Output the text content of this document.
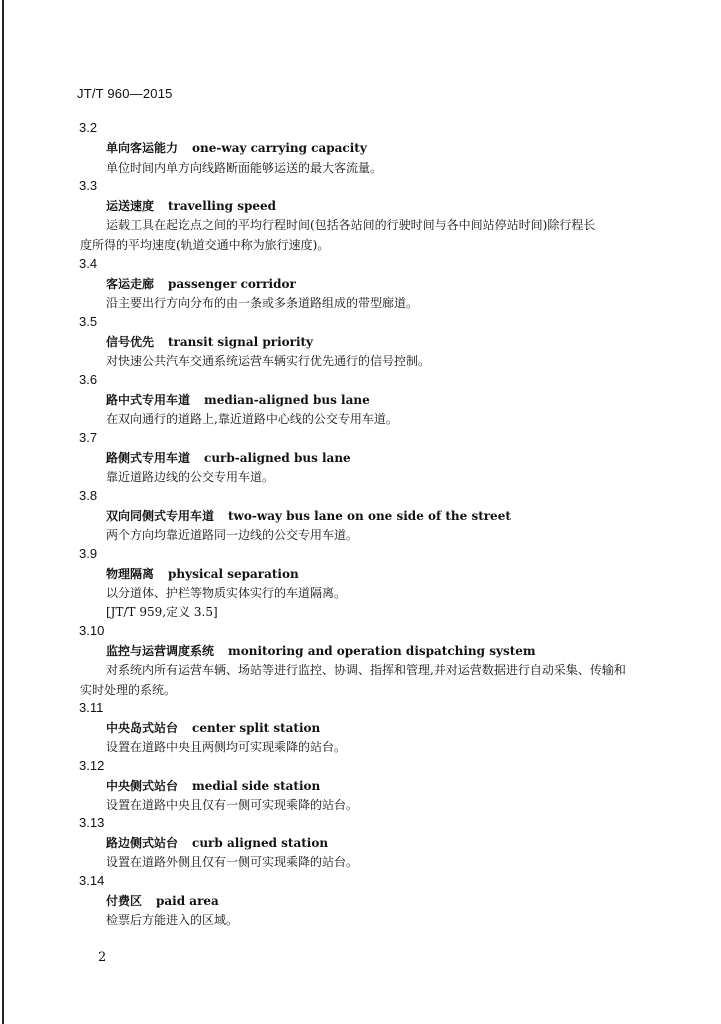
JT/T 960—2015
3.2
单向客运能力 one-way carrying capacity
单位时间内单方向线路断面能够运送的最大客流量。
3.3
运送速度 travelling speed
运载工具在起讫点之间的平均行程时间(包括各站间的行驶时间与各中间站停站时间)除行程长
度所得的平均速度(轨道交通中称为旅行速度)。
3.4
客运走廊 passenger corridor
沿主要出行方向分布的由一条或多条道路组成的带型廊道。
3.5
信号优先 transit signal priority
对快速公共汽车交通系统运营车辆实行优先通行的信号控制。
3.6
路中式专用车道 median-aligned bus lane
在双向通行的道路上,靠近道路中心线的公交专用车道。
3.7
路侧式专用车道 curb-aligned bus lane
靠近道路边线的公交专用车道。
3.8
双向同侧式专用车道 two-way bus lane on one side of the street
两个方向均靠近道路同一边线的公交专用车道。
3.9
物理隔离 physical separation
以分道体、护栏等物质实体实行的车道隔离。
[JT/T 959,定义 3.5]
3.10
监控与运营调度系统 monitoring and operation dispatching system
对系统内所有运营车辆、场站等进行监控、协调、指挥和管理,并对运营数据进行自动采集、传输和
实时处理的系统。
3.11
中央岛式站台 center split station
设置在道路中央且两侧均可实现乘降的站台。
3.12
中央侧式站台 medial side station
设置在道路中央且仅有一侧可实现乘降的站台。
3.13
路边侧式站台 curb aligned station
设置在道路外侧且仅有一侧可实现乘降的站台。
3.14
付费区 paid area
检票后方能进入的区域。
2
